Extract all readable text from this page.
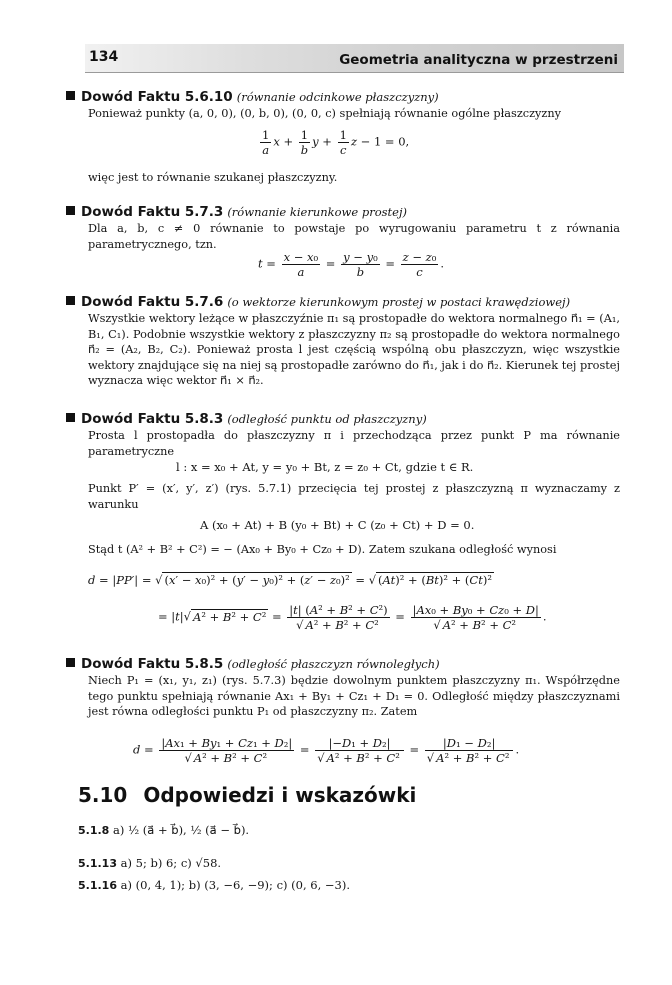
134	Geometria analityczna w przestrzeni
Dowód Faktu 5.6.10 (równanie odcinkowe płaszczyzny)

Ponieważ punkty (a, 0, 0), (0, b, 0), (0, 0, c) spełniają równanie ogólne płaszczyzny

$\frac{1}{a}$ $x + \frac{1}{b}$ $y + \frac{1}{c}$ z − 1 = 0,

więc jest to równanie szukanej płaszczyzny.

Dowód Faktu 5.7.3 (równanie kierunkowe prostej)

Dla a, b, c ≠ 0 równanie to powstaje po wyrugowaniu parametru t z równania parametrycznego, tzn.

$t = \frac{\text{x − x₀}}{a} = \frac{\text{y − y₀}}{b} = \frac{\text{z − z₀}}{c}$ .
Dowód Faktu 5.7.6 (o wektorze kierunkowym prostej w postaci krawędziowej)

Wszystkie wektory leżące w płaszczyźnie π₁ są prostopadłe do wektora normalnego n⃗₁ = (A₁, B₁, C₁). Podobnie wszystkie wektory z płaszczyzny π₂ są prostopadłe do wektora normalnego n⃗₂ = (A₂, B₂, C₂). Ponieważ prosta l jest częścią wspólną obu płaszczyzn, więc wszystkie wektory znajdujące się na niej są prostopadłe zarówno do n⃗₁, jak i do n⃗₂. Kierunek tej prostej wyznacza więc wektor n⃗₁ × n⃗₂.

Dowód Faktu 5.8.3 (odległość punktu od płaszczyzny)

Prosta l prostopadła do płaszczyzny π i przechodząca przez punkt P ma równanie parametryczne

l : x = x₀ + At, y = y₀ + Bt, z = z₀ + Ct, gdzie t ∈ R.

Punkt P′ = (x′, y′, z′) (rys. 5.7.1) przecięcia tej prostej z płaszczyzną π wyznaczamy z warunku

A (x₀ + At) + B (y₀ + Bt) + C (z₀ + Ct) + D = 0.

Stąd t (A² + B² + C²) = − (Ax₀ + By₀ + Cz₀ + D). Zatem szukana odległość wynosi

d = |PP′| = √ (x′ − x₀)² + (y′ − y₀)² + (z′ − z₀)² = √ (At)² + (Bt)² + (Ct)²
= |t|√ $A^2 + B^2 + C^2 = \frac{\text{|t| (A² + B² + C²)}}{\text{√ A² + B² + C²}} = \frac{\text{|Ax₀ + By₀ + Cz₀ + D|}}{\text{√ A² + B² + C²}}$ .
Dowód Faktu 5.8.5 (odległość płaszczyzn równoległych)

Niech P₁ = (x₁, y₁, z₁) (rys. 5.7.3) będzie dowolnym punktem płaszczyzny π₁. Współrzędne tego punktu spełniają równanie Ax₁ + By₁ + Cz₁ + D₁ = 0. Odległość między płaszczyznami jest równa odległości punktu P₁ od płaszczyzny π₂. Zatem

$d = \frac{\text{|Ax₁ + By₁ + Cz₁ + D₂|}}{\text{√ A² + B² + C²}} = \frac{\text{|−D₁ + D₂|}}{\text{√ A² + B² + C²}} = \frac{\text{|D₁ − D₂|}}{\text{√ A² + B² + C²}}$ .
5.10 Odpowiedzi i wskazówki
5.1.8 a) ½ (a⃗ + b⃗), ½ (a⃗ − b⃗).
5.1.13 a) 5; b) 6; c) √58.
5.1.16 a) (0, 4, 1); b) (3, −6, −9); c) (0, 6, −3).
